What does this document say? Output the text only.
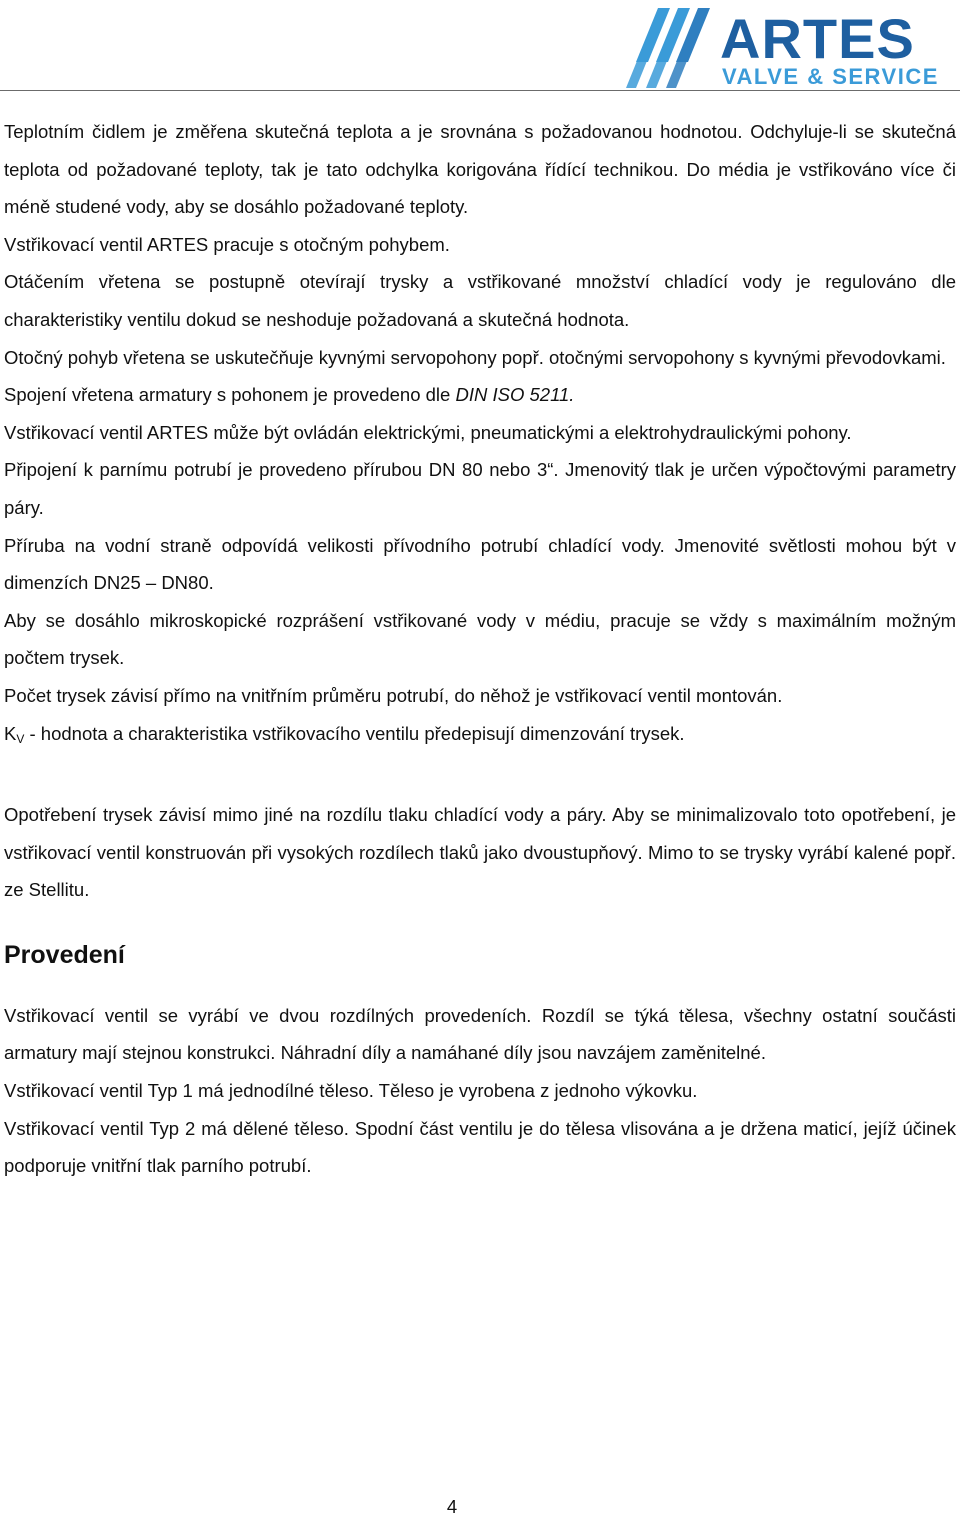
ARTES
VALVE & SERVICE

Teplotním čidlem je změřena skutečná teplota a je srovnána s požadovanou hodnotou. Odchyluje-li se skutečná teplota od požadované teploty, tak je tato odchylka korigována řídící technikou. Do média je vstřikováno více či méně studené vody, aby se dosáhlo požadované teploty.

Vstřikovací ventil ARTES pracuje s otočným pohybem.

Otáčením vřetena se postupně otevírají trysky a vstřikované množství chladící vody je regulováno dle charakteristiky ventilu dokud se neshoduje požadovaná a skutečná hodnota.

Otočný pohyb vřetena se uskutečňuje kyvnými servopohony popř. otočnými servopohony s kyvnými převodovkami.

Spojení vřetena armatury s pohonem je provedeno dle DIN ISO 5211.

Vstřikovací ventil ARTES může být ovládán elektrickými, pneumatickými a elektrohydraulickými pohony.

Připojení k parnímu potrubí je provedeno přírubou DN 80 nebo 3“. Jmenovitý tlak je určen výpočtovými parametry páry.

Příruba na vodní straně odpovídá velikosti přívodního potrubí chladící vody. Jmenovité světlosti mohou být v dimenzích DN25 – DN80.

Aby se dosáhlo mikroskopické rozprášení vstřikované vody v médiu, pracuje se vždy s maximálním možným počtem trysek.

Počet trysek závisí přímo na vnitřním průměru potrubí, do něhož je vstřikovací ventil montován.

$K_V$ - hodnota a charakteristika vstřikovacího ventilu předepisují dimenzování trysek.

Opotřebení trysek závisí mimo jiné na rozdílu tlaku chladící vody a páry. Aby se minimalizovalo toto opotřebení, je vstřikovací ventil konstruován při vysokých rozdílech tlaků jako dvoustupňový. Mimo to se trysky vyrábí kalené popř. ze Stellitu.

Provedení

Vstřikovací ventil se vyrábí ve dvou rozdílných provedeních. Rozdíl se týká tělesa, všechny ostatní součásti armatury mají stejnou konstrukci. Náhradní díly a namáhané díly jsou navzájem zaměnitelné.

Vstřikovací ventil Typ 1 má jednodílné těleso. Těleso je vyrobena z jednoho výkovku.

Vstřikovací ventil Typ 2 má dělené těleso. Spodní část ventilu je do tělesa vlisována a je držena maticí, jejíž účinek podporuje vnitřní tlak parního potrubí.

4
